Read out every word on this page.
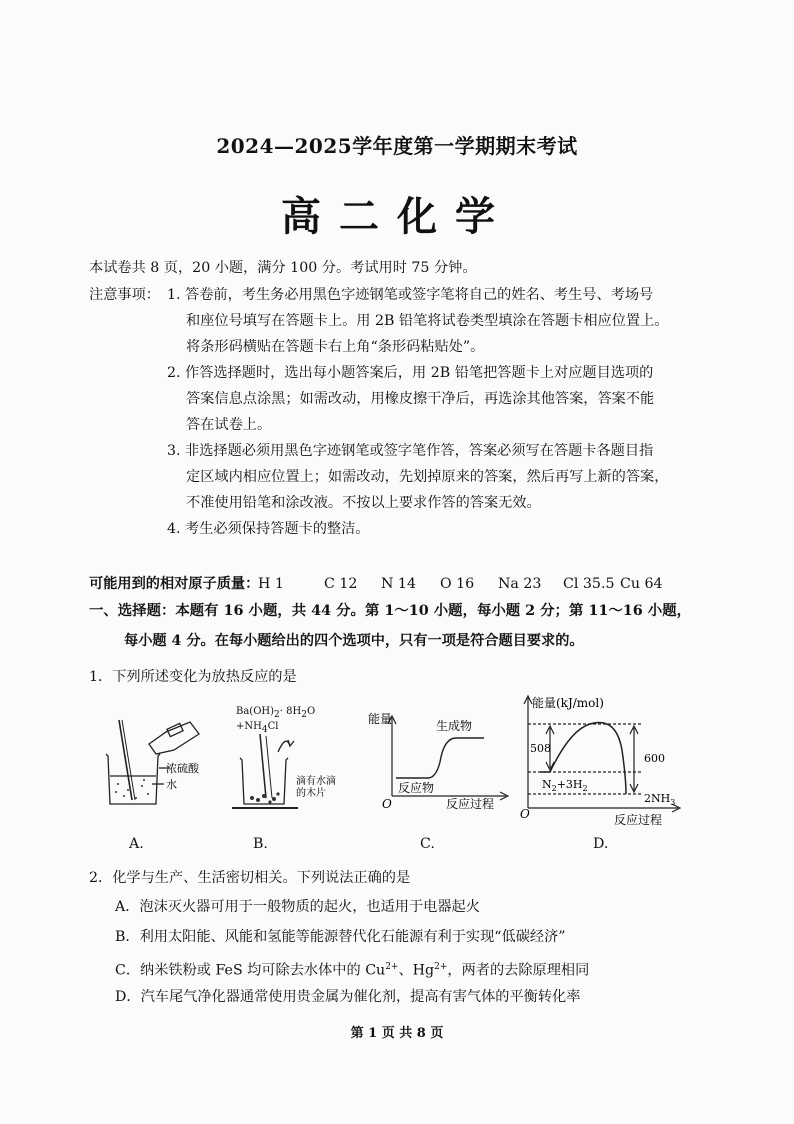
2024—2025学年度第一学期期末考试
高二化学
本试卷共 8 页，20 小题，满分 100 分。考试用时 75 分钟。
注意事项： 1. 答卷前，考生务必用黑色字迹钢笔或签字笔将自己的姓名、考生号、考场号
和座位号填写在答题卡上。用 2B 铅笔将试卷类型填涂在答题卡相应位置上。
将条形码横贴在答题卡右上角“条形码粘贴处”。
2. 作答选择题时，选出每小题答案后，用 2B 铅笔把答题卡上对应题目选项的
答案信息点涂黑；如需改动，用橡皮擦干净后，再选涂其他答案，答案不能
答在试卷上。
3. 非选择题必须用黑色字迹钢笔或签字笔作答，答案必须写在答题卡各题目指
定区域内相应位置上；如需改动，先划掉原来的答案，然后再写上新的答案，
不准使用铅笔和涂改液。不按以上要求作答的答案无效。
4. 考生必须保持答题卡的整洁。
可能用到的相对原子质量：
H 1	C 12 N 14 O 16 Na 23 Cl 35.5 Cu 64
一、选择题：本题有 16 小题，共 44 分。第 1～10 小题，每小题 2 分；第 11～16 小题，
每小题 4 分。在每小题给出的四个选项中，只有一项是符合题目要求的。
1．下列所述变化为放热反应的是
浓硫酸
水
A.
$Ba(OH)_2\cdot 8H_2O$
$+NH_4Cl$
滴有水滴
的木片
B.
能量	生成物
反应物
O	反应过程
C.
能量(kJ/mol)
508
600
$N_2+3H_2$
$2NH_3$
O	反应过程
D.
2．化学与生产、生活密切相关。下列说法正确的是
A．泡沫灭火器可用于一般物质的起火，也适用于电器起火
B．利用太阳能、风能和氢能等能源替代化石能源有利于实现“低碳经济”
C．纳米铁粉或 FeS 均可除去水体中的 $Cu^{2+}$、$Hg^{2+}$，两者的去除原理相同
D．汽车尾气净化器通常使用贵金属为催化剂，提高有害气体的平衡转化率
第 1 页 共 8 页
